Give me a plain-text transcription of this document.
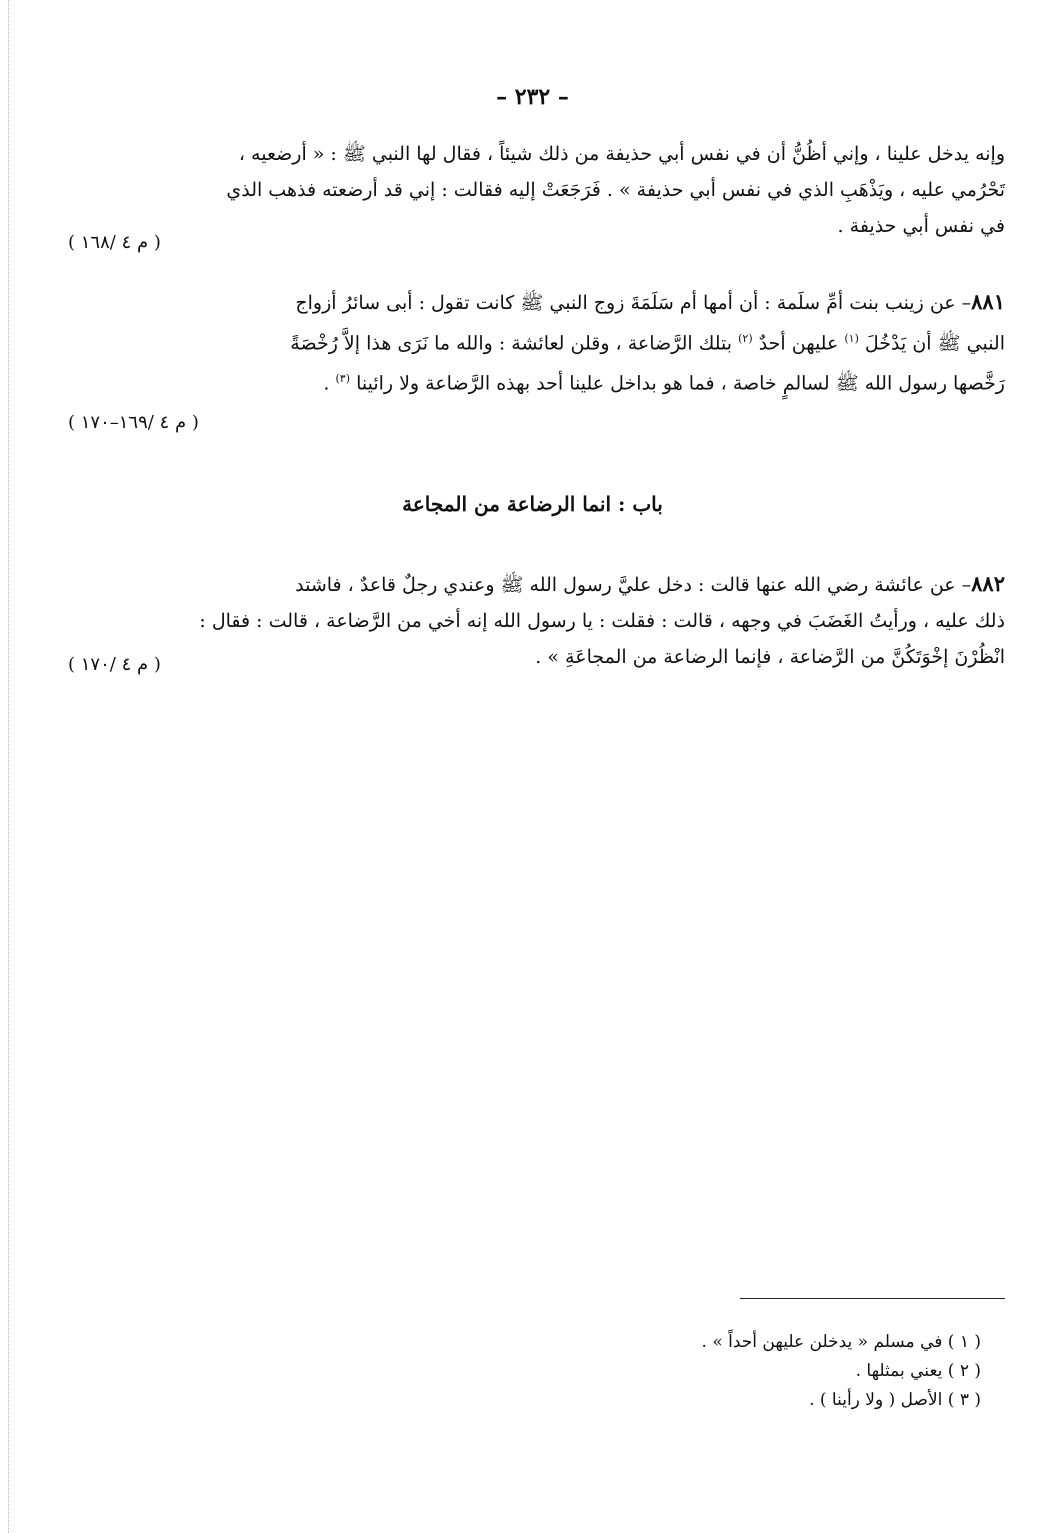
– ٢٣٢ –

وإنه يدخل علينا ، وإني أظُنُّ أن في نفس أبي حذيفة من ذلك شيئاً ، فقال لها النبي ﷺ : « أرضعيه ،

تَحْرُمي عليه ، ويَذْهَبِ الذي في نفس أبي حذيفة » . فَرَجَعَتْ إليه فقالت : إني قد أرضعته فذهب الذي

في نفس أبي حذيفة .

( م ٤ /١٦٨ )

٨٨١– عن زينب بنت أمِّ سلَمة : أن أمها أم سَلَمَةَ زوج النبي ﷺ كانت تقول : أبى سائرُ أزواج

النبي ﷺ أن يَدْخُلَ $^{(١)}$ عليهن أحدٌ $^{(٢)}$ بتلك الرَّضاعة ، وقلن لعائشة : والله ما نَرَى هذا إلاَّ رُخْصَةً

رَخَّصها رسول الله ﷺ لسالمٍ خاصة ، فما هو بداخل علينا أحد بهذه الرَّضاعة ولا رائينا $^{(٣)}$ .

( م ٤ /١٦٩–١٧٠ )
باب : انما الرضاعة من المجاعة

٨٨٢– عن عائشة رضي الله عنها قالت : دخل عليَّ رسول الله ﷺ وعندي رجلٌ قاعدٌ ، فاشتد

ذلك عليه ، ورأيتُ الغَضَبَ في وجهه ، قالت : فقلت : يا رسول الله إنه أخي من الرَّضاعة ، قالت : فقال :

انْظُرْنَ إخْوَتَكُنَّ من الرَّضاعة ، فإنما الرضاعة من المجاعَةِ » .

( م ٤ /١٧٠ )
( ١ ) في مسلم « يدخلن عليهن أحداً » .
( ٢ ) يعني بمثلها .
( ٣ ) الأصل ( ولا رأينا ) .
